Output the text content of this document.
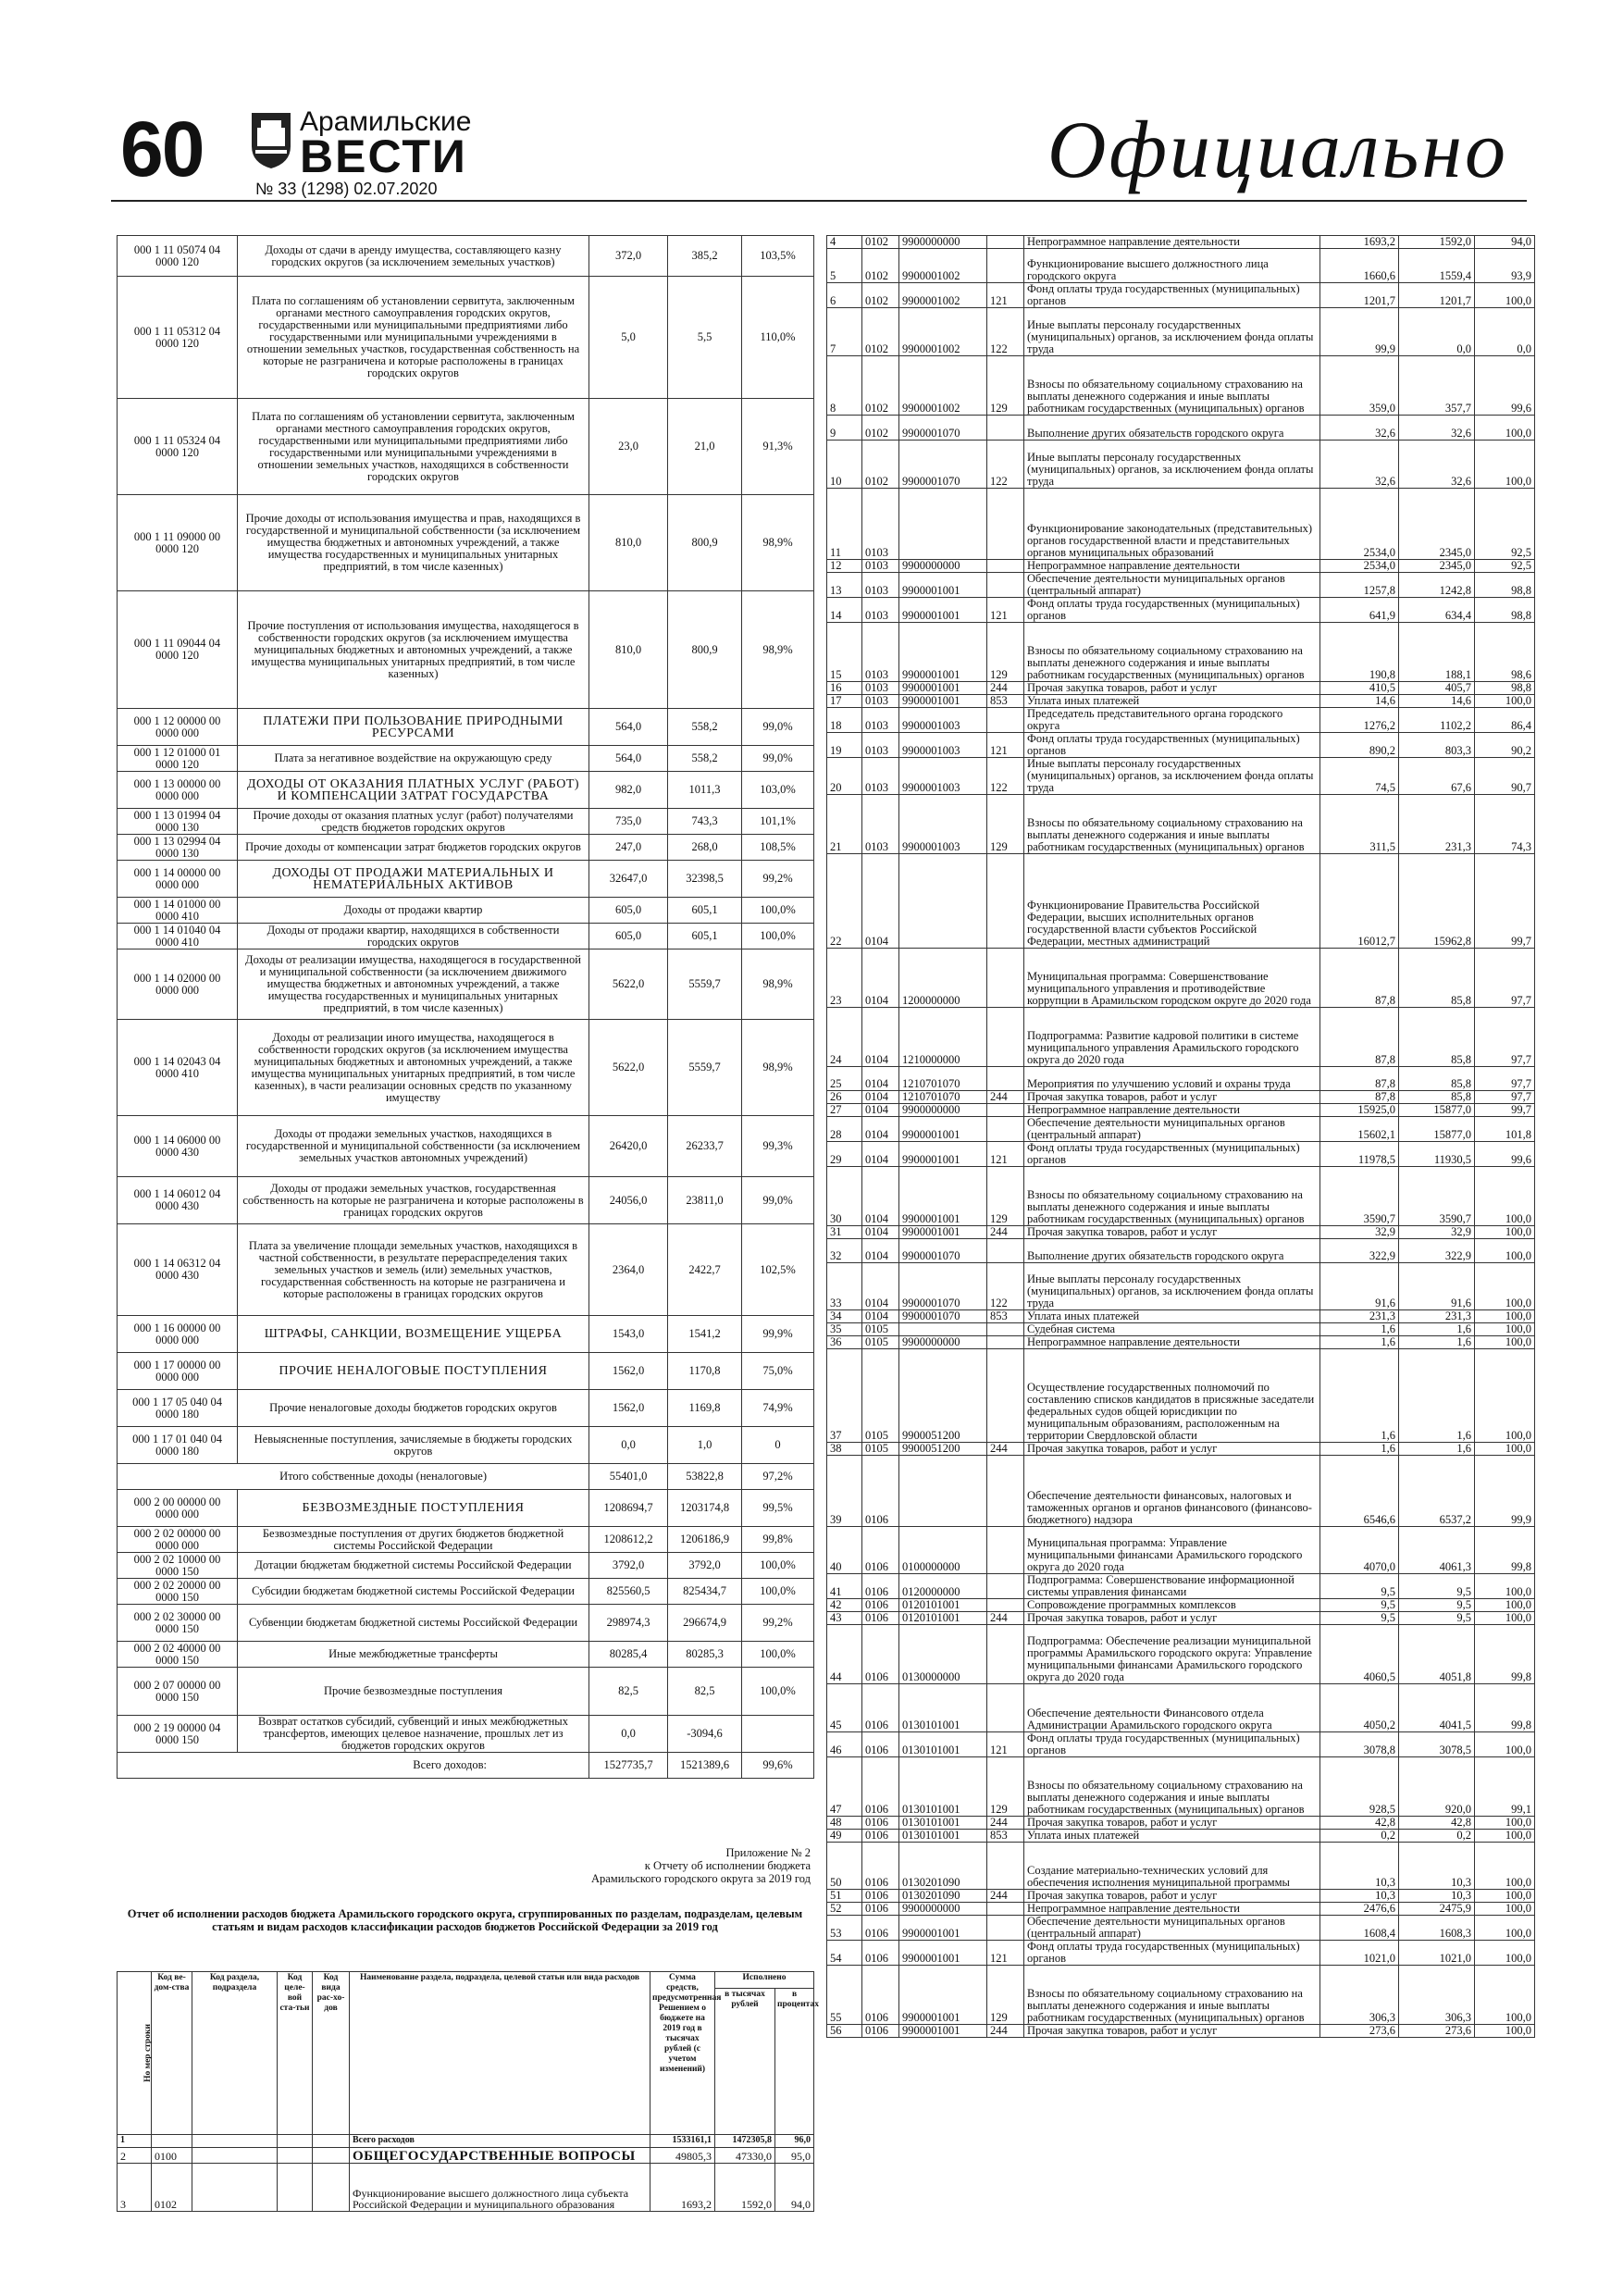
60	Арамильские
ВЕСТИ
№ 33 (1298) 02.07.2020	Официально
000 1 11 05074 04 0000 120	Доходы от сдачи в аренду имущества, составляющего казну городских округов (за исключением земельных участков)	372,0	385,2	103,5%
000 1 11 05312 04 0000 120	Плата по соглашениям об установлении сервитута, заключенным органами местного самоуправления городских округов, государственными или муниципальными предприятиями либо государственными или муниципальными учреждениями в отношении земельных участков, государственная собственность на которые не разграничена и которые расположены в границах городских округов	5,0	5,5	110,0%
000 1 11 05324 04 0000 120	Плата по соглашениям об установлении сервитута, заключенным органами местного самоуправления городских округов, государственными или муниципальными предприятиями либо государственными или муниципальными учреждениями в отношении земельных участков, находящихся в собственности городских округов	23,0	21,0	91,3%
000 1 11 09000 00 0000 120	Прочие доходы от использования имущества и прав, находящихся в государственной и муниципальной собственности (за исключением имущества бюджетных и автономных учреждений, а также имущества государственных и муниципальных унитарных предприятий, в том числе казенных)	810,0	800,9	98,9%
000 1 11 09044 04 0000 120	Прочие поступления от использования имущества, находящегося в собственности городских округов (за исключением имущества муниципальных бюджетных и автономных учреждений, а также имущества муниципальных унитарных предприятий, в том числе казенных)	810,0	800,9	98,9%
000 1 12 00000 00 0000 000	ПЛАТЕЖИ ПРИ ПОЛЬЗОВАНИЕ ПРИРОДНЫМИ РЕСУРСАМИ	564,0	558,2	99,0%
000 1 12 01000 01 0000 120	Плата за негативное воздействие на окружающую среду	564,0	558,2	99,0%
000 1 13 00000 00 0000 000	ДОХОДЫ ОТ ОКАЗАНИЯ ПЛАТНЫХ УСЛУГ (РАБОТ) И КОМПЕНСАЦИИ ЗАТРАТ ГОСУДАРСТВА	982,0	1011,3	103,0%
000 1 13 01994 04 0000 130	Прочие доходы от оказания платных услуг (работ) получателями средств бюджетов городских округов	735,0	743,3	101,1%
000 1 13 02994 04 0000 130	Прочие доходы от компенсации затрат бюджетов городских округов	247,0	268,0	108,5%
000 1 14 00000 00 0000 000	ДОХОДЫ ОТ ПРОДАЖИ МАТЕРИАЛЬНЫХ И НЕМАТЕРИАЛЬНЫХ АКТИВОВ	32647,0	32398,5	99,2%
000 1 14 01000 00 0000 410	Доходы от продажи квартир	605,0	605,1	100,0%
000 1 14 01040 04 0000 410	Доходы от продажи квартир, находящихся в собственности городских округов	605,0	605,1	100,0%
000 1 14 02000 00 0000 000	Доходы от реализации имущества, находящегося в государственной и муниципальной собственности (за исключением движимого имущества бюджетных и автономных учреждений, а также имущества государственных и муниципальных унитарных предприятий, в том числе казенных)	5622,0	5559,7	98,9%
000 1 14 02043 04 0000 410	Доходы от реализации иного имущества, находящегося в собственности городских округов (за исключением имущества муниципальных бюджетных и автономных учреждений, а также имущества муниципальных унитарных предприятий, в том числе казенных), в части реализации основных средств по указанному имуществу	5622,0	5559,7	98,9%
000 1 14 06000 00 0000 430	Доходы от продажи земельных участков, находящихся в государственной и муниципальной собственности (за исключением земельных участков автономных учреждений)	26420,0	26233,7	99,3%
000 1 14 06012 04 0000 430	Доходы от продажи земельных участков, государственная собственность на которые не разграничена и которые расположены в границах городских округов	24056,0	23811,0	99,0%
000 1 14 06312 04 0000 430	Плата за увеличение площади земельных участков, находящихся в частной собственности, в результате перераспределения таких земельных участков и земель (или) земельных участков, государственная собственность на которые не разграничена и которые расположены в границах городских округов	2364,0	2422,7	102,5%
000 1 16 00000 00 0000 000	ШТРАФЫ, САНКЦИИ, ВОЗМЕЩЕНИЕ УЩЕРБА	1543,0	1541,2	99,9%
000 1 17 00000 00 0000 000	ПРОЧИЕ НЕНАЛОГОВЫЕ ПОСТУПЛЕНИЯ	1562,0	1170,8	75,0%
000 1 17 05 040 04 0000 180	Прочие неналоговые доходы бюджетов городских округов	1562,0	1169,8	74,9%
000 1 17 01 040 04 0000 180	Невыясненные поступления, зачисляемые в бюджеты городских округов	0,0	1,0	0
Итого собственные доходы (неналоговые)		55401,0	53822,8	97,2%
000 2 00 00000 00 0000 000	БЕЗВОЗМЕЗДНЫЕ ПОСТУПЛЕНИЯ	1208694,7	1203174,8	99,5%
000 2 02 00000 00 0000 000	Безвозмездные поступления от других бюджетов бюджетной системы Российской Федерации	1208612,2	1206186,9	99,8%
000 2 02 10000 00 0000 150	Дотации бюджетам бюджетной системы Российской Федерации	3792,0	3792,0	100,0%
000 2 02 20000 00 0000 150	Субсидии бюджетам бюджетной системы Российской Федерации	825560,5	825434,7	100,0%
000 2 02 30000 00 0000 150	Субвенции бюджетам бюджетной системы Российской Федерации	298974,3	296674,9	99,2%
000 2 02 40000 00 0000 150	Иные межбюджетные трансферты	80285,4	80285,3	100,0%
000 2 07 00000 00 0000 150	Прочие безвозмездные поступления	82,5	82,5	100,0%
000 2 19 00000 04 0000 150	Возврат остатков субсидий, субвенций и иных межбюджетных трансфертов, имеющих целевое назначение, прошлых лет из бюджетов городских округов	0,0	-3094,6	
Всего доходов:		1527735,7	1521389,6	99,6%
Приложение № 2
к Отчету об исполнении бюджета
Арамильского городского округа за 2019 год
Отчет об исполнении расходов бюджета Арамильского городского округа, сгруппированных по разделам, подразделам, целевым статьям и видам расходов классификации расходов бюджетов Российской Федерации за 2019 год
Но мер строки	Код ве-дом-ства	Код раздела, подраздела	Код целе-вой ста-тьи	Код вида рас-хо-дов	Наименование раздела, подраздела, целевой статьи или вида расходов	Сумма средств, предусмотренная Решением о бюджете на 2019 год в тысячах рублей (с учетом изменений)	Исполнено	
							в тысячах рублей	в процентах
1					Всего расходов	1533161,1	1472305,8	96,0
2	0100				ОБЩЕГОСУДАРСТВЕННЫЕ ВОПРОСЫ	49805,3	47330,0	95,0
3	0102				Функционирование высшего должностного лица субъекта Российской Федерации и муниципального образования	1693,2	1592,0	94,0
4	0102	9900000000		Непрограммное направление деятельности	1693,2	1592,0	94,0
5	0102	9900001002		Функционирование высшего должностного лица городского округа	1660,6	1559,4	93,9
6	0102	9900001002	121	Фонд оплаты труда государственных (муниципальных) органов	1201,7	1201,7	100,0
7	0102	9900001002	122	Иные выплаты персоналу государственных (муниципальных) органов, за исключением фонда оплаты труда	99,9	0,0	0,0
8	0102	9900001002	129	Взносы по обязательному социальному страхованию на выплаты денежного содержания и иные выплаты работникам государственных (муниципальных) органов	359,0	357,7	99,6
9	0102	9900001070		Выполнение других обязательств городского округа	32,6	32,6	100,0
10	0102	9900001070	122	Иные выплаты персоналу государственных (муниципальных) органов, за исключением фонда оплаты труда	32,6	32,6	100,0
11	0103			Функционирование законодательных (представительных) органов государственной власти и представительных органов муниципальных образований	2534,0	2345,0	92,5
12	0103	9900000000		Непрограммное направление деятельности	2534,0	2345,0	92,5
13	0103	9900001001		Обеспечение деятельности муниципальных органов (центральный аппарат)	1257,8	1242,8	98,8
14	0103	9900001001	121	Фонд оплаты труда государственных (муниципальных) органов	641,9	634,4	98,8
15	0103	9900001001	129	Взносы по обязательному социальному страхованию на выплаты денежного содержания и иные выплаты работникам государственных (муниципальных) органов	190,8	188,1	98,6
16	0103	9900001001	244	Прочая закупка товаров, работ и услуг	410,5	405,7	98,8
17	0103	9900001001	853	Уплата иных платежей	14,6	14,6	100,0
18	0103	9900001003		Председатель представительного органа городского округа	1276,2	1102,2	86,4
19	0103	9900001003	121	Фонд оплаты труда государственных (муниципальных) органов	890,2	803,3	90,2
20	0103	9900001003	122	Иные выплаты персоналу государственных (муниципальных) органов, за исключением фонда оплаты труда	74,5	67,6	90,7
21	0103	9900001003	129	Взносы по обязательному социальному страхованию на выплаты денежного содержания и иные выплаты работникам государственных (муниципальных) органов	311,5	231,3	74,3
22	0104			Функционирование Правительства Российской Федерации, высших исполнительных органов государственной власти субъектов Российской Федерации, местных администраций	16012,7	15962,8	99,7
23	0104	1200000000		Муниципальная программа: Совершенствование муниципального управления и противодействие коррупции в Арамильском городском округе до 2020 года	87,8	85,8	97,7
24	0104	1210000000		Подпрограмма: Развитие кадровой политики в системе муниципального управления Арамильского городского округа до 2020 года	87,8	85,8	97,7
25	0104	1210701070		Мероприятия по улучшению условий и охраны труда	87,8	85,8	97,7
26	0104	1210701070	244	Прочая закупка товаров, работ и услуг	87,8	85,8	97,7
27	0104	9900000000		Непрограммное направление деятельности	15925,0	15877,0	99,7
28	0104	9900001001		Обеспечение деятельности муниципальных органов (центральный аппарат)	15602,1	15877,0	101,8
29	0104	9900001001	121	Фонд оплаты труда государственных (муниципальных) органов	11978,5	11930,5	99,6
30	0104	9900001001	129	Взносы по обязательному социальному страхованию на выплаты денежного содержания и иные выплаты работникам государственных (муниципальных) органов	3590,7	3590,7	100,0
31	0104	9900001001	244	Прочая закупка товаров, работ и услуг	32,9	32,9	100,0
32	0104	9900001070		Выполнение других обязательств городского округа	322,9	322,9	100,0
33	0104	9900001070	122	Иные выплаты персоналу государственных (муниципальных) органов, за исключением фонда оплаты труда	91,6	91,6	100,0
34	0104	9900001070	853	Уплата иных платежей	231,3	231,3	100,0
35	0105			Судебная система	1,6	1,6	100,0
36	0105	9900000000		Непрограммное направление деятельности	1,6	1,6	100,0
37	0105	9900051200		Осуществление государственных полномочий по составлению списков кандидатов в присяжные заседатели федеральных судов общей юрисдикции по муниципальным образованиям, расположенным на территории Свердловской области	1,6	1,6	100,0
38	0105	9900051200	244	Прочая закупка товаров, работ и услуг	1,6	1,6	100,0
39	0106			Обеспечение деятельности финансовых, налоговых и таможенных органов и органов финансового (финансово-бюджетного) надзора	6546,6	6537,2	99,9
40	0106	0100000000		Муниципальная программа: Управление муниципальными финансами Арамильского городского округа до 2020 года	4070,0	4061,3	99,8
41	0106	0120000000		Подпрограмма: Совершенствование информационной системы управления финансами	9,5	9,5	100,0
42	0106	0120101001		Сопровождение программных комплексов	9,5	9,5	100,0
43	0106	0120101001	244	Прочая закупка товаров, работ и услуг	9,5	9,5	100,0
44	0106	0130000000		Подпрограмма: Обеспечение реализации муниципальной программы Арамильского городского округа: Управление муниципальными финансами Арамильского городского округа до 2020 года	4060,5	4051,8	99,8
45	0106	0130101001		Обеспечение деятельности Финансового отдела Администрации Арамильского городского округа	4050,2	4041,5	99,8
46	0106	0130101001	121	Фонд оплаты труда государственных (муниципальных) органов	3078,8	3078,5	100,0
47	0106	0130101001	129	Взносы по обязательному социальному страхованию на выплаты денежного содержания и иные выплаты работникам государственных (муниципальных) органов	928,5	920,0	99,1
48	0106	0130101001	244	Прочая закупка товаров, работ и услуг	42,8	42,8	100,0
49	0106	0130101001	853	Уплата иных платежей	0,2	0,2	100,0
50	0106	0130201090		Создание материально-технических условий для обеспечения исполнения муниципальной программы	10,3	10,3	100,0
51	0106	0130201090	244	Прочая закупка товаров, работ и услуг	10,3	10,3	100,0
52	0106	9900000000		Непрограммное направление деятельности	2476,6	2475,9	100,0
53	0106	9900001001		Обеспечение деятельности муниципальных органов (центральный аппарат)	1608,4	1608,3	100,0
54	0106	9900001001	121	Фонд оплаты труда государственных (муниципальных) органов	1021,0	1021,0	100,0
55	0106	9900001001	129	Взносы по обязательному социальному страхованию на выплаты денежного содержания и иные выплаты работникам государственных (муниципальных) органов	306,3	306,3	100,0
56	0106	9900001001	244	Прочая закупка товаров, работ и услуг	273,6	273,6	100,0
